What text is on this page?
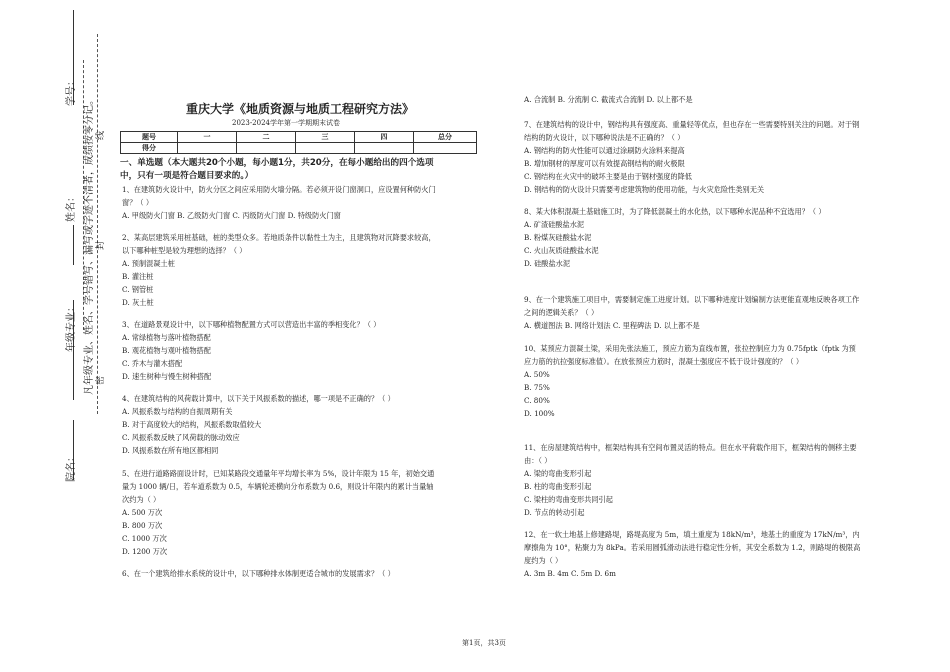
学号：
姓名：
年级专业：
院名：
凡年级专业、姓名、学号错写、漏写或字迹不清者，成绩按零分记。 封
密
线
重庆大学《地质资源与地质工程研究方法》
2023-2024学年第一学期期末试卷
题号	一	二	三	四	总分
得分					
一、单选题（本大题共20个小题，每小题1分，共20分，在每小题给出的四个选项中，只有一项是符合题目要求的。）

1、在建筑防火设计中，防火分区之间应采用防火墙分隔。若必须开设门窗洞口，应设置何种防火门窗？（ ）

A. 甲级防火门窗 B. 乙级防火门窗 C. 丙级防火门窗 D. 特级防火门窗

2、某高层建筑采用桩基础，桩的类型众多。若地质条件以黏性土为主，且建筑物对沉降要求较高，以下哪种桩型是较为理想的选择？（ ）

A. 预制混凝土桩

B. 灌注桩

C. 钢管桩

D. 灰土桩

3、在道路景观设计中，以下哪种植物配置方式可以营造出丰富的季相变化？（ ）

A. 常绿植物与落叶植物搭配

B. 观花植物与观叶植物搭配

C. 乔木与灌木搭配

D. 速生树种与慢生树种搭配

4、在建筑结构的风荷载计算中，以下关于风振系数的描述，哪一项是不正确的？（ ）

A. 风振系数与结构的自振周期有关

B. 对于高度较大的结构，风振系数取值较大

C. 风振系数反映了风荷载的脉动效应

D. 风振系数在所有地区都相同

5、在进行道路路面设计时，已知某路段交通量年平均增长率为 5%，设计年限为 15 年，初始交通量为 1000 辆/日，若车道系数为 0.5，车辆轮迹横向分布系数为 0.6，则设计年限内的累计当量轴次约为（ ）

A. 500 万次

B. 800 万次

C. 1000 万次

D. 1200 万次

6、在一个建筑给排水系统的设计中，以下哪种排水体制更适合城市的发展需求？（ ）

A. 合流制 B. 分流制 C. 截流式合流制 D. 以上都不是

7、在建筑结构的设计中，钢结构具有强度高、重量轻等优点，但也存在一些需要特别关注的问题。对于钢结构的防火设计，以下哪种说法是不正确的？（ ）

A. 钢结构的防火性能可以通过涂刷防火涂料来提高

B. 增加钢材的厚度可以有效提高钢结构的耐火极限

C. 钢结构在火灾中的破坏主要是由于钢材强度的降低

D. 钢结构的防火设计只需要考虑建筑物的使用功能，与火灾危险性类别无关

8、某大体积混凝土基础施工时，为了降低混凝土的水化热，以下哪种水泥品种不宜选用？（ ）

A. 矿渣硅酸盐水泥

B. 粉煤灰硅酸盐水泥

C. 火山灰质硅酸盐水泥

D. 硅酸盐水泥

9、在一个建筑施工项目中，需要制定施工进度计划。以下哪种进度计划编制方法更能直观地反映各项工作之间的逻辑关系？（ ）

A. 横道图法 B. 网络计划法 C. 里程碑法 D. 以上都不是

10、某预应力混凝土梁，采用先张法施工，预应力筋为直线布置，张拉控制应力为 0.75fptk（fptk 为预应力筋的抗拉强度标准值）。在放张预应力筋时，混凝土强度应不低于设计强度的？（ ）

A. 50%

B. 75%

C. 80%

D. 100%

11、在房屋建筑结构中，框架结构具有空间布置灵活的特点。但在水平荷载作用下，框架结构的侧移主要由：（ ）

A. 梁的弯曲变形引起

B. 柱的弯曲变形引起

C. 梁柱的弯曲变形共同引起

D. 节点的转动引起

12、在一软土地基上修建路堤，路堤高度为 5m，填土重度为 18kN/m³，地基土的重度为 17kN/m³，内摩擦角为 10°，粘聚力为 8kPa。若采用圆弧滑动法进行稳定性分析，其安全系数为 1.2，则路堤的极限高度约为（ ）

A. 3m B. 4m C. 5m D. 6m

第1页，共3页
